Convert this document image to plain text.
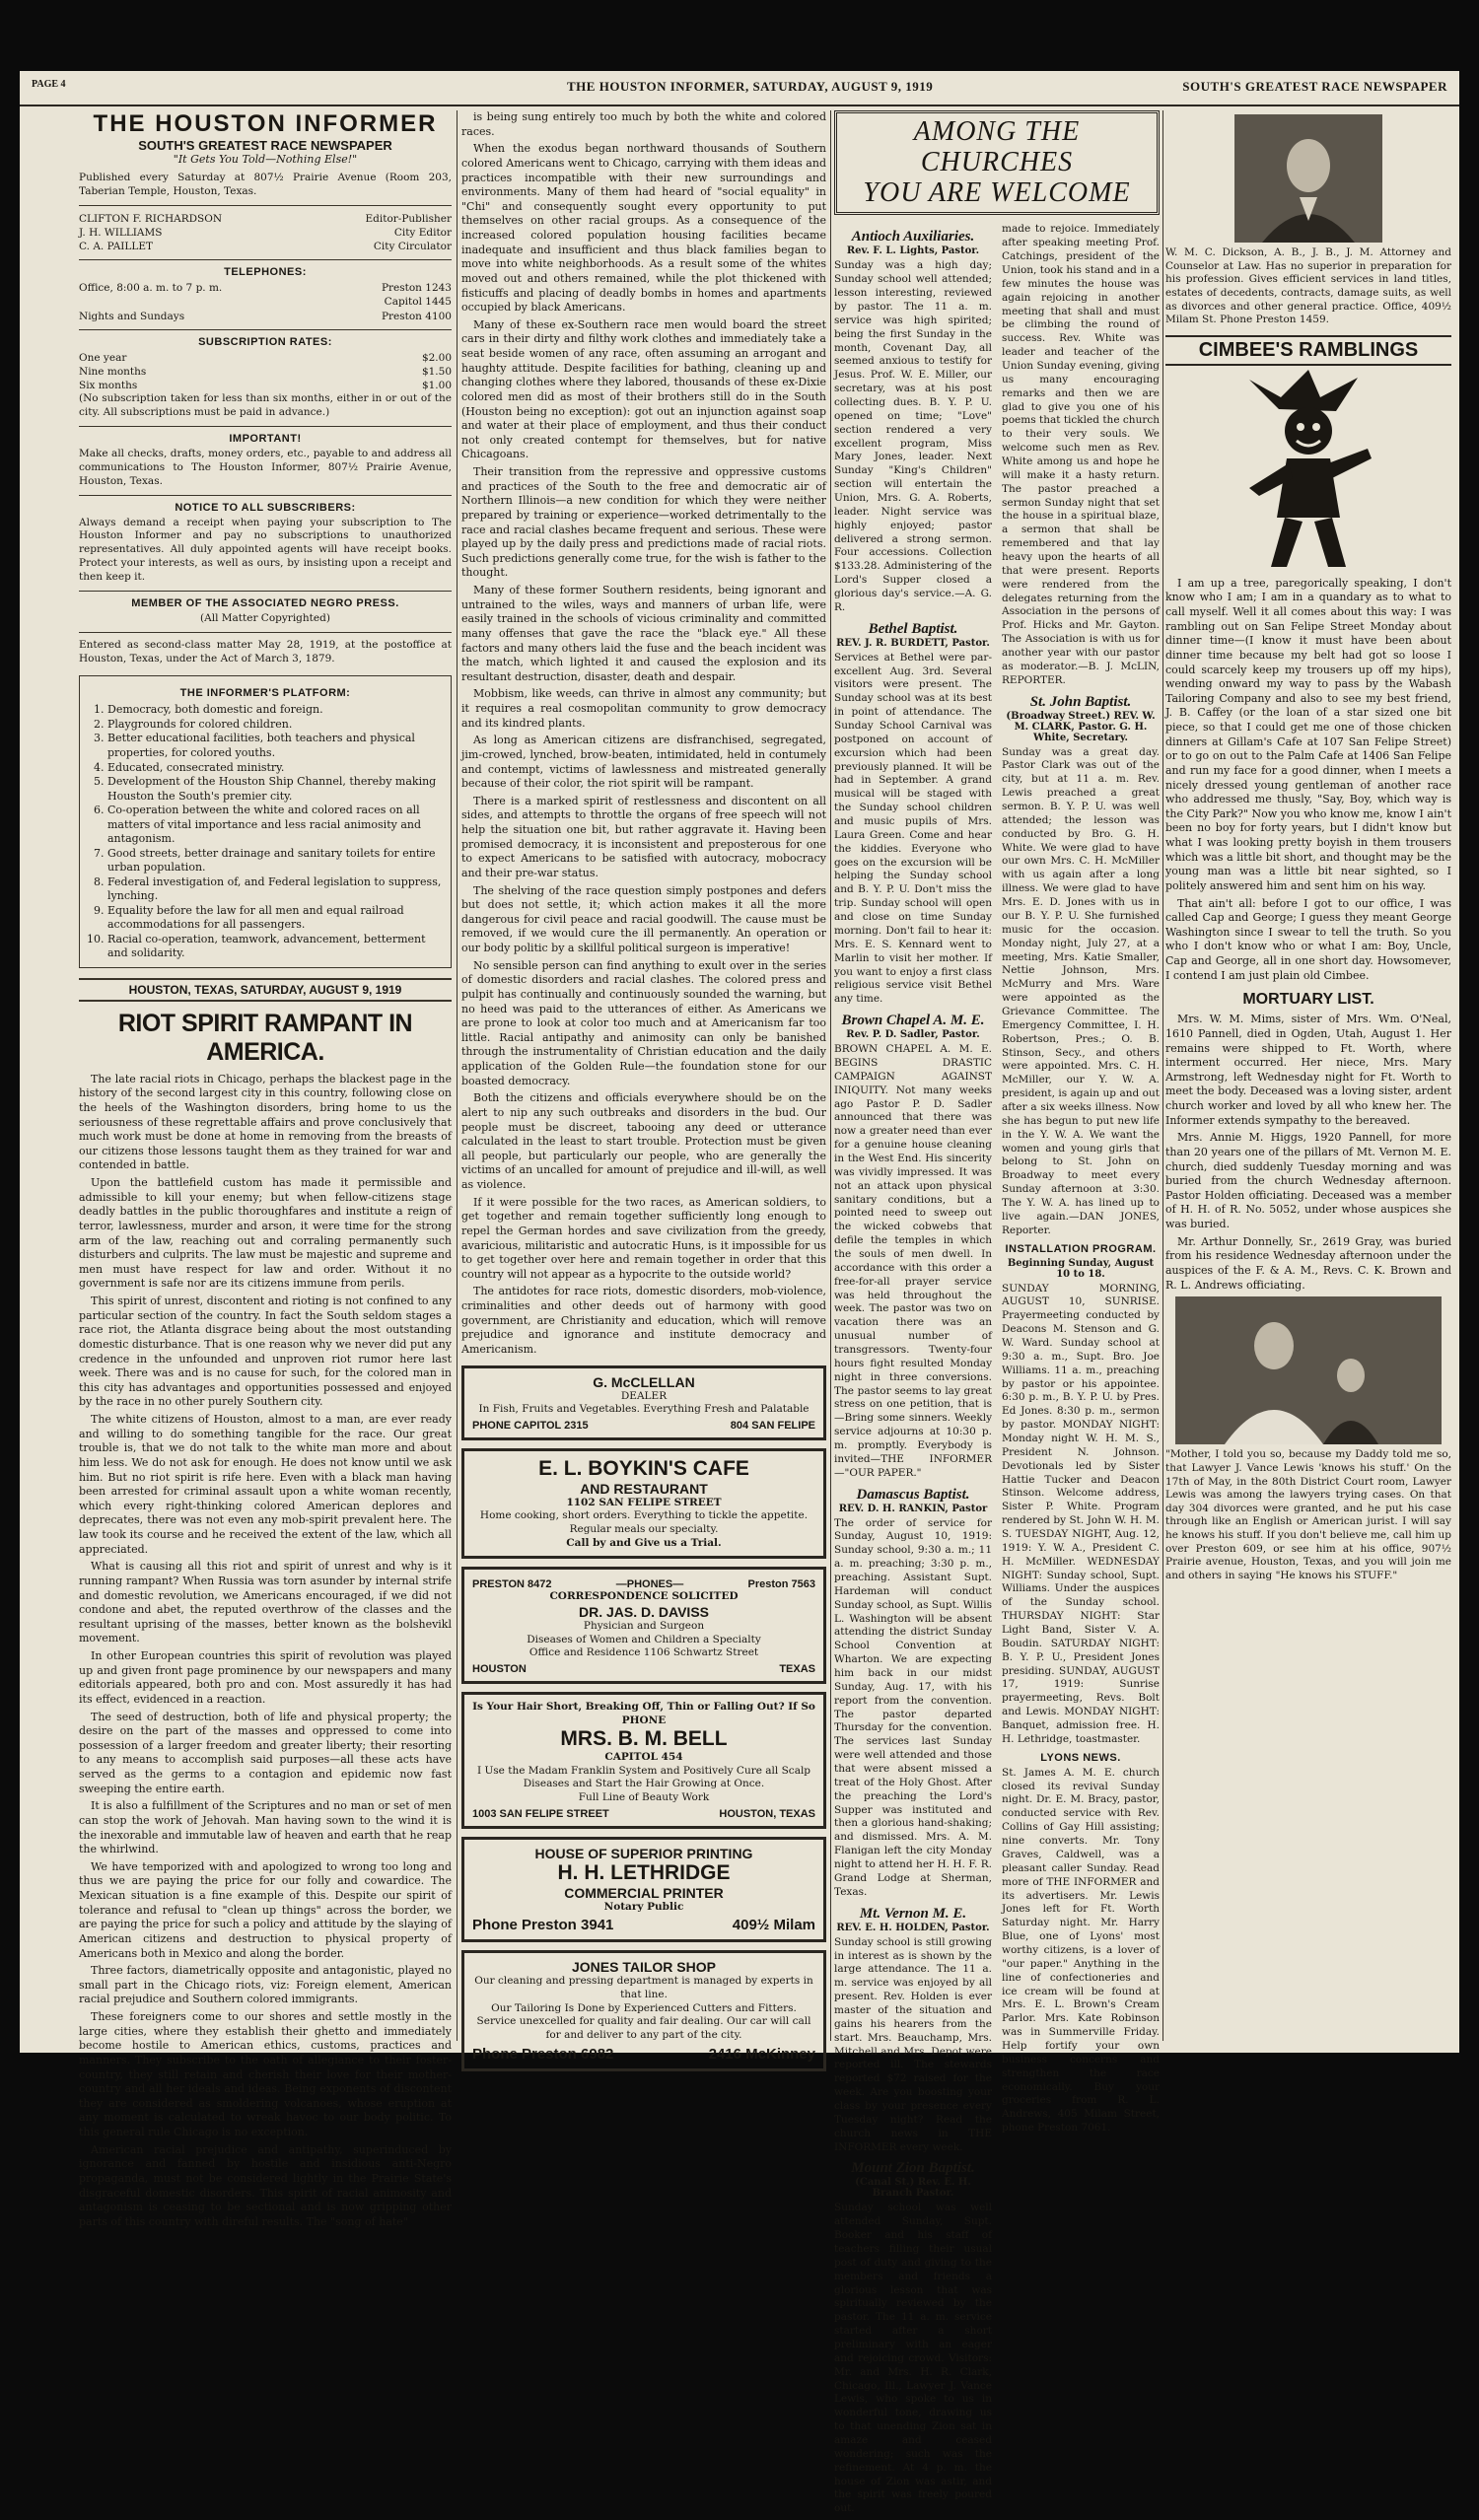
PAGE 4	THE HOUSTON INFORMER, SATURDAY, AUGUST 9, 1919	SOUTH'S GREATEST RACE NEWSPAPER
THE HOUSTON INFORMER
SOUTH'S GREATEST RACE NEWSPAPER
"It Gets You Told—Nothing Else!"

Published every Saturday at 807½ Prairie Avenue (Room 203, Taberian Temple, Houston, Texas.

CLIFTON F. RICHARDSON	Editor-Publisher
J. H. WILLIAMS	City Editor
C. A. PAILLET	City Circulator
TELEPHONES:
Office, 8:00 a. m. to 7 p. m.	Preston 1243
Capitol 1445
Nights and Sundays	Preston 4100
SUBSCRIPTION RATES:
One year	$2.00
Nine months	$1.50
Six months	$1.00

(No subscription taken for less than six months, either in or out of the city. All subscriptions must be paid in advance.)

IMPORTANT!

Make all checks, drafts, money orders, etc., payable to and address all communications to The Houston Informer, 807½ Prairie Avenue, Houston, Texas.

NOTICE TO ALL SUBSCRIBERS:

Always demand a receipt when paying your subscription to The Houston Informer and pay no subscriptions to unauthorized representatives. All duly appointed agents will have receipt books. Protect your interests, as well as ours, by insisting upon a receipt and then keep it.

MEMBER OF THE ASSOCIATED NEGRO PRESS.
(All Matter Copyrighted)

Entered as second-class matter May 28, 1919, at the postoffice at Houston, Texas, under the Act of March 3, 1879.

THE INFORMER'S PLATFORM:
1. Democracy, both domestic and foreign.
2. Playgrounds for colored children.
3. Better educational facilities, both teachers and physical properties, for colored youths.
4. Educated, consecrated ministry.
5. Development of the Houston Ship Channel, thereby making Houston the South's premier city.
6. Co-operation between the white and colored races on all matters of vital importance and less racial animosity and antagonism.
7. Good streets, better drainage and sanitary toilets for entire urban population.
8. Federal investigation of, and Federal legislation to suppress, lynching.
9. Equality before the law for all men and equal railroad accommodations for all passengers.
10. Racial co-operation, teamwork, advancement, betterment and solidarity.
HOUSTON, TEXAS, SATURDAY, AUGUST 9, 1919
RIOT SPIRIT RAMPANT IN AMERICA.

The late racial riots in Chicago, perhaps the blackest page in the history of the second largest city in this country, following close on the heels of the Washington disorders, bring home to us the seriousness of these regrettable affairs and prove conclusively that much work must be done at home in removing from the breasts of our citizens those lessons taught them as they trained for war and contended in battle.

Upon the battlefield custom has made it permissible and admissible to kill your enemy; but when fellow-citizens stage deadly battles in the public thoroughfares and institute a reign of terror, lawlessness, murder and arson, it were time for the strong arm of the law, reaching out and corraling permanently such disturbers and culprits. The law must be majestic and supreme and men must have respect for law and order. Without it no government is safe nor are its citizens immune from perils.

This spirit of unrest, discontent and rioting is not confined to any particular section of the country. In fact the South seldom stages a race riot, the Atlanta disgrace being about the most outstanding domestic disturbance. That is one reason why we never did put any credence in the unfounded and unproven riot rumor here last week. There was and is no cause for such, for the colored man in this city has advantages and opportunities possessed and enjoyed by the race in no other purely Southern city.

The white citizens of Houston, almost to a man, are ever ready and willing to do something tangible for the race. Our great trouble is, that we do not talk to the white man more and about him less. We do not ask for enough. He does not know until we ask him. But no riot spirit is rife here. Even with a black man having been arrested for criminal assault upon a white woman recently, which every right-thinking colored American deplores and deprecates, there was not even any mob-spirit prevalent here. The law took its course and he received the extent of the law, which all appreciated.

What is causing all this riot and spirit of unrest and why is it running rampant? When Russia was torn asunder by internal strife and domestic revolution, we Americans encouraged, if we did not condone and abet, the reputed overthrow of the classes and the resultant uprising of the masses, better known as the bolshevikl movement.

In other European countries this spirit of revolution was played up and given front page prominence by our newspapers and many editorials appeared, both pro and con. Most assuredly it has had its effect, evidenced in a reaction.

The seed of destruction, both of life and physical property; the desire on the part of the masses and oppressed to come into possession of a larger freedom and greater liberty; their resorting to any means to accomplish said purposes—all these acts have served as the germs to a contagion and epidemic now fast sweeping the entire earth.

It is also a fulfillment of the Scriptures and no man or set of men can stop the work of Jehovah. Man having sown to the wind it is the inexorable and immutable law of heaven and earth that he reap the whirlwind.

We have temporized with and apologized to wrong too long and thus we are paying the price for our folly and cowardice. The Mexican situation is a fine example of this. Despite our spirit of tolerance and refusal to "clean up things" across the border, we are paying the price for such a policy and attitude by the slaying of American citizens and destruction to physical property of Americans both in Mexico and along the border.

Three factors, diametrically opposite and antagonistic, played no small part in the Chicago riots, viz: Foreign element, American racial prejudice and Southern colored immigrants.

These foreigners come to our shores and settle mostly in the large cities, where they establish their ghetto and immediately become hostile to American ethics, customs, practices and manners. They subscribe to the oath of allegiance to their foster-country, they still retain and cherish their love for their mother-country and all her ideals and ideas. Being exponents of discontent they are considered as smoldering volcanoes, whose eruption at any moment is calculated to wreak havoc to our body politic. To this general rule Chicago is no exception.

American racial prejudice and antipathy, superinduced by ignorance and fanned by hostile and insidious anti-Negro propaganda, must not be considered lightly in the Prairie State's disgraceful domestic disorders. This spirit of racial animosity and antagonism is ceasing to be sectional and is now gripping other parts of this country with direful results. The "song of hate"

is being sung entirely too much by both the white and colored races.

When the exodus began northward thousands of Southern colored Americans went to Chicago, carrying with them ideas and practices incompatible with their new surroundings and environments. Many of them had heard of "social equality" in "Chi" and consequently sought every opportunity to put themselves on other racial groups. As a consequence of the increased colored population housing facilities became inadequate and insufficient and thus black families began to move into white neighborhoods. As a result some of the whites moved out and others remained, while the plot thickened with fisticuffs and placing of deadly bombs in homes and apartments occupied by black Americans.

Many of these ex-Southern race men would board the street cars in their dirty and filthy work clothes and immediately take a seat beside women of any race, often assuming an arrogant and haughty attitude. Despite facilities for bathing, cleaning up and changing clothes where they labored, thousands of these ex-Dixie colored men did as most of their brothers still do in the South (Houston being no exception): got out an injunction against soap and water at their place of employment, and thus their conduct not only created contempt for themselves, but for native Chicagoans.

Their transition from the repressive and oppressive customs and practices of the South to the free and democratic air of Northern Illinois—a new condition for which they were neither prepared by training or experience—worked detrimentally to the race and racial clashes became frequent and serious. These were played up by the daily press and predictions made of racial riots. Such predictions generally come true, for the wish is father to the thought.

Many of these former Southern residents, being ignorant and untrained to the wiles, ways and manners of urban life, were easily trained in the schools of vicious criminality and committed many offenses that gave the race the "black eye." All these factors and many others laid the fuse and the beach incident was the match, which lighted it and caused the explosion and its resultant destruction, disaster, death and despair.

Mobbism, like weeds, can thrive in almost any community; but it requires a real cosmopolitan community to grow democracy and its kindred plants.

As long as American citizens are disfranchised, segregated, jim-crowed, lynched, brow-beaten, intimidated, held in contumely and contempt, victims of lawlessness and mistreated generally because of their color, the riot spirit will be rampant.

There is a marked spirit of restlessness and discontent on all sides, and attempts to throttle the organs of free speech will not help the situation one bit, but rather aggravate it. Having been promised democracy, it is inconsistent and preposterous for one to expect Americans to be satisfied with autocracy, mobocracy and their pre-war status.

The shelving of the race question simply postpones and defers but does not settle, it; which action makes it all the more dangerous for civil peace and racial goodwill. The cause must be removed, if we would cure the ill permanently. An operation or our body politic by a skillful political surgeon is imperative!

No sensible person can find anything to exult over in the series of domestic disorders and racial clashes. The colored press and pulpit has continually and continuously sounded the warning, but no heed was paid to the utterances of either. As Americans we are prone to look at color too much and at Americanism far too little. Racial antipathy and animosity can only be banished through the instrumentality of Christian education and the daily application of the Golden Rule—the foundation stone for our boasted democracy.

Both the citizens and officials everywhere should be on the alert to nip any such outbreaks and disorders in the bud. Our people must be discreet, tabooing any deed or utterance calculated in the least to start trouble. Protection must be given all people, but particularly our people, who are generally the victims of an uncalled for amount of prejudice and ill-will, as well as violence.

If it were possible for the two races, as American soldiers, to get together and remain together sufficiently long enough to repel the German hordes and save civilization from the greedy, avaricious, militaristic and autocratic Huns, is it impossible for us to get together over here and remain together in order that this country will not appear as a hypocrite to the outside world?

The antidotes for race riots, domestic disorders, mob-violence, criminalities and other deeds out of harmony with good government, are Christianity and education, which will remove prejudice and ignorance and institute democracy and Americanism.

G. McCLELLAN
DEALER
In Fish, Fruits and Vegetables. Everything Fresh and Palatable
PHONE CAPITOL 2315	804 SAN FELIPE
E. L. BOYKIN'S CAFE
AND RESTAURANT
1102 SAN FELIPE STREET
Home cooking, short orders. Everything to tickle the appetite. Regular meals our specialty.
Call by and Give us a Trial.
PRESTON 8472	—PHONES—	Preston 7563
CORRESPONDENCE SOLICITED
DR. JAS. D. DAVISS
Physician and Surgeon
Diseases of Women and Children a Specialty
Office and Residence 1106 Schwartz Street
HOUSTON	TEXAS
Is Your Hair Short, Breaking Off, Thin or Falling Out? If So
PHONE
MRS. B. M. BELL
CAPITOL 454
I Use the Madam Franklin System and Positively Cure all Scalp Diseases and Start the Hair Growing at Once.
Full Line of Beauty Work
1003 SAN FELIPE STREET	HOUSTON, TEXAS
HOUSE OF SUPERIOR PRINTING
H. H. LETHRIDGE
COMMERCIAL PRINTER
Notary Public
Phone Preston 3941	409½ Milam
JONES TAILOR SHOP
Our cleaning and pressing department is managed by experts in that line.
Our Tailoring Is Done by Experienced Cutters and Fitters.
Service unexcelled for quality and fair dealing. Our car will call for and deliver to any part of the city.
Phone Preston 6982	2416 McKinney
AMONG THE CHURCHES
YOU ARE WELCOME
Antioch Auxiliaries.
Rev. F. L. Lights, Pastor.

Sunday was a high day; Sunday school well attended; lesson interesting, reviewed by pastor. The 11 a. m. service was high spirited; being the first Sunday in the month, Covenant Day, all seemed anxious to testify for Jesus. Prof. W. E. Miller, our secretary, was at his post collecting dues. B. Y. P. U. opened on time; "Love" section rendered a very excellent program, Miss Mary Jones, leader. Next Sunday "King's Children" section will entertain the Union, Mrs. G. A. Roberts, leader. Night service was highly enjoyed; pastor delivered a strong sermon. Four accessions. Collection $133.28. Administering of the Lord's Supper closed a glorious day's service.—A. G. R.

Bethel Baptist.
REV. J. R. BURDETT, Pastor.

Services at Bethel were par-excellent Aug. 3rd. Several visitors were present. The Sunday school was at its best in point of attendance. The Sunday School Carnival was postponed on account of excursion which had been previously planned. It will be had in September. A grand musical will be staged with the Sunday school children and music pupils of Mrs. Laura Green. Come and hear the kiddies. Everyone who goes on the excursion will be helping the Sunday school and B. Y. P. U. Don't miss the trip. Sunday school will open and close on time Sunday morning. Don't fail to hear it: Mrs. E. S. Kennard went to Marlin to visit her mother. If you want to enjoy a first class religious service visit Bethel any time.

Brown Chapel A. M. E.
Rev. P. D. Sadler, Pastor.

BROWN CHAPEL A. M. E. BEGINS DRASTIC CAMPAIGN AGAINST INIQUITY. Not many weeks ago Pastor P. D. Sadler announced that there was now a greater need than ever for a genuine house cleaning in the West End. His sincerity was vividly impressed. It was not an attack upon physical sanitary conditions, but a pointed need to sweep out the wicked cobwebs that defile the temples in which the souls of men dwell. In accordance with this order a free-for-all prayer service was held throughout the week. The pastor was two on vacation there was an unusual number of transgressors. Twenty-four hours fight resulted Monday night in three conversions. The pastor seems to lay great stress on one petition, that is—Bring some sinners. Weekly service adjourns at 10:30 p. m. promptly. Everybody is invited—THE INFORMER—"OUR PAPER."

Damascus Baptist.
REV. D. H. RANKIN, Pastor

The order of service for Sunday, August 10, 1919: Sunday school, 9:30 a. m.; 11 a. m. preaching; 3:30 p. m., preaching. Assistant Supt. Hardeman will conduct Sunday school, as Supt. Willis L. Washington will be absent attending the district Sunday School Convention at Wharton. We are expecting him back in our midst Sunday, Aug. 17, with his report from the convention. The pastor departed Thursday for the convention. The services last Sunday were well attended and those that were absent missed a treat of the Holy Ghost. After the preaching the Lord's Supper was instituted and then a glorious hand-shaking; and dismissed. Mrs. A. M. Flanigan left the city Monday night to attend her H. H. F. R. Grand Lodge at Sherman, Texas.

Mt. Vernon M. E.
REV. E. H. HOLDEN, Pastor.

Sunday school is still growing in interest as is shown by the large attendance. The 11 a. m. service was enjoyed by all present. Rev. Holden is ever master of the situation and gains his hearers from the start. Mrs. Beauchamp, Mrs. Mitchell and Mrs. Depot were reported ill. The stewards reported $72 raised for the week. Are you boosting your class by your presence every Tuesday night? Read the church news in THE INFORMER every week.

Mount Zion Baptist.
(Canal St.) Rev. E. H. Branch Pastor.

Sunday school was well attended Sunday, Supt. Booker and his staff of teachers filling their usual post of duty and giving to the members and friends a glorious lesson that was spiritually reviewed by the pastor. The 11 a. m. service started after a short preliminary with an eager and rejoicing crowd. Visitors: Mr. and Mrs. H. R. Clark, Chicago, Ill., Lawyer J. Vance Lewis, who spoke to us in wonderful tone, drawing us to that unending Zion sat in amaze and ceased wondering; such was the refinement. At 4 p. m. the house of Zion was astir, and the spirit was freely poured out.

made to rejoice. Immediately after speaking meeting Prof. Catchings, president of the Union, took his stand and in a few minutes the house was again rejoicing in another meeting that shall and must be climbing the round of success. Rev. White was leader and teacher of the Union Sunday evening, giving us many encouraging remarks and then we are glad to give you one of his poems that tickled the church to their very souls. We welcome such men as Rev. White among us and hope he will make it a hasty return. The pastor preached a sermon Sunday night that set the house in a spiritual blaze, a sermon that shall be remembered and that lay heavy upon the hearts of all that were present. Reports were rendered from the delegates returning from the Association in the persons of Prof. Hicks and Mr. Gayton. The Association is with us for another year with our pastor as moderator.—B. J. McLIN, REPORTER.

St. John Baptist.
(Broadway Street.) REV. W. M. CLARK, Pastor. G. H. White, Secretary.

Sunday was a great day. Pastor Clark was out of the city, but at 11 a. m. Rev. Lewis preached a great sermon. B. Y. P. U. was well attended; the lesson was conducted by Bro. G. H. White. We were glad to have our own Mrs. C. H. McMiller with us again after a long illness. We were glad to have Mrs. E. D. Jones with us in our B. Y. P. U. She furnished music for the occasion. Monday night, July 27, at a meeting, Mrs. Katie Smaller, Nettie Johnson, Mrs. McMurry and Mrs. Ware were appointed as the Grievance Committee. The Emergency Committee, I. H. Robertson, Pres.; O. B. Stinson, Secy., and others were appointed. Mrs. C. H. McMiller, our Y. W. A. president, is again up and out after a six weeks illness. Now she has begun to put new life in the Y. W. A. We want the women and young girls that belong to St. John on Broadway to meet every Sunday afternoon at 3:30. The Y. W. A. has lined up to live again.—DAN JONES, Reporter.

INSTALLATION PROGRAM.
Beginning Sunday, August 10 to 18.

SUNDAY MORNING, AUGUST 10, SUNRISE. Prayermeeting conducted by Deacons M. Stenson and G. W. Ward. Sunday school at 9:30 a. m., Supt. Bro. Joe Williams. 11 a. m., preaching by pastor or his appointee. 6:30 p. m., B. Y. P. U. by Pres. Ed Jones. 8:30 p. m., sermon by pastor. MONDAY NIGHT: Monday night W. H. M. S., President N. Johnson. Devotionals led by Sister Hattie Tucker and Deacon Stinson. Welcome address, Sister P. White. Program rendered by St. John W. H. M. S. TUESDAY NIGHT, Aug. 12, 1919: Y. W. A., President C. H. McMiller. WEDNESDAY NIGHT: Sunday school, Supt. Williams. Under the auspices of the Sunday school. THURSDAY NIGHT: Star Light Band, Sister V. A. Boudin. SATURDAY NIGHT: B. Y. P. U., President Jones presiding. SUNDAY, AUGUST 17, 1919: Sunrise prayermeeting, Revs. Bolt and Lewis. MONDAY NIGHT: Banquet, admission free. H. H. Lethridge, toastmaster.

LYONS NEWS.

St. James A. M. E. church closed its revival Sunday night. Dr. E. M. Bracy, pastor, conducted service with Rev. Collins of Gay Hill assisting; nine converts. Mr. Tony Graves, Caldwell, was a pleasant caller Sunday. Read more of THE INFORMER and its advertisers. Mr. Lewis Jones left for Ft. Worth Saturday night. Mr. Harry Blue, one of Lyons' most worthy citizens, is a lover of "our paper." Anything in the line of confectioneries and ice cream will be found at Mrs. E. L. Brown's Cream Parlor. Mrs. Kate Robinson was in Summerville Friday. Help fortify your own business concerns and strengthen the race economically. Buy your groceries from R. L. Andrews, 405 Milam Street, phone Preston 7061.

W. M. C. Dickson, A. B., J. B., J. M. Attorney and Counselor at Law. Has no superior in preparation for his profession. Gives efficient services in land titles, estates of decedents, contracts, damage suits, as well as divorces and other general practice. Office, 409½ Milam St. Phone Preston 1459.

CIMBEE'S RAMBLINGS

I am up a tree, paregorically speaking, I don't know who I am; I am in a quandary as to what to call myself. Well it all comes about this way: I was rambling out on San Felipe Street Monday about dinner time—(I know it must have been about dinner time because my belt had got so loose I could scarcely keep my trousers up off my hips), wending onward my way to pass by the Wabash Tailoring Company and also to see my best friend, J. B. Caffey (or the loan of a star sized one bit piece, so that I could get me one of those chicken dinners at Gillam's Cafe at 107 San Felipe Street) or to go on out to the Palm Cafe at 1406 San Felipe and run my face for a good dinner, when I meets a nicely dressed young gentleman of another race who addressed me thusly, "Say, Boy, which way is the City Park?" Now you who know me, know I ain't been no boy for forty years, but I didn't know but what I was looking pretty boyish in them trousers which was a little bit short, and thought may be the young man was a little bit near sighted, so I politely answered him and sent him on his way.

That ain't all: before I got to our office, I was called Cap and George; I guess they meant George Washington since I swear to tell the truth. So you who I don't know who or what I am: Boy, Uncle, Cap and George, all in one short day. Howsomever, I contend I am just plain old Cimbee.

MORTUARY LIST.

Mrs. W. M. Mims, sister of Mrs. Wm. O'Neal, 1610 Pannell, died in Ogden, Utah, August 1. Her remains were shipped to Ft. Worth, where interment occurred. Her niece, Mrs. Mary Armstrong, left Wednesday night for Ft. Worth to meet the body. Deceased was a loving sister, ardent church worker and loved by all who knew her. The Informer extends sympathy to the bereaved.

Mrs. Annie M. Higgs, 1920 Pannell, for more than 20 years one of the pillars of Mt. Vernon M. E. church, died suddenly Tuesday morning and was buried from the church Wednesday afternoon. Pastor Holden officiating. Deceased was a member of H. H. of R. No. 5052, under whose auspices she was buried.

Mr. Arthur Donnelly, Sr., 2619 Gray, was buried from his residence Wednesday afternoon under the auspices of the F. & A. M., Revs. C. K. Brown and R. L. Andrews officiating.

"Mother, I told you so, because my Daddy told me so, that Lawyer J. Vance Lewis 'knows his stuff.' On the 17th of May, in the 80th District Court room, Lawyer Lewis was among the lawyers trying cases. On that day 304 divorces were granted, and he put his case through like an English or American jurist. I will say he knows his stuff. If you don't believe me, call him up over Preston 609, or see him at his office, 907½ Prairie avenue, Houston, Texas, and you will join me and others in saying "He knows his STUFF."
